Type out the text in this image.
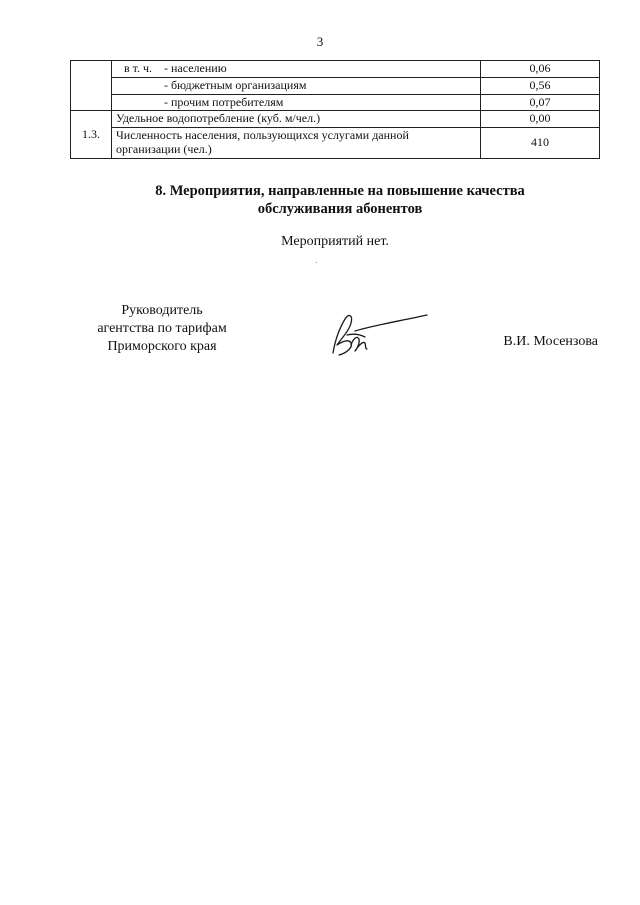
3
	в т. ч. - населению	0,06
	- бюджетным организациям	0,56
	- прочим потребителям	0,07
1.3.	Удельное водопотребление (куб. м/чел.)	0,00
	Численность населения, пользующихся услугами данной организации (чел.)	410
8. Мероприятия, направленные на повышение качества
обслуживания абонентов
Мероприятий нет.
Руководитель
агентства по тарифам
Приморского края	В.И. Мосензова
